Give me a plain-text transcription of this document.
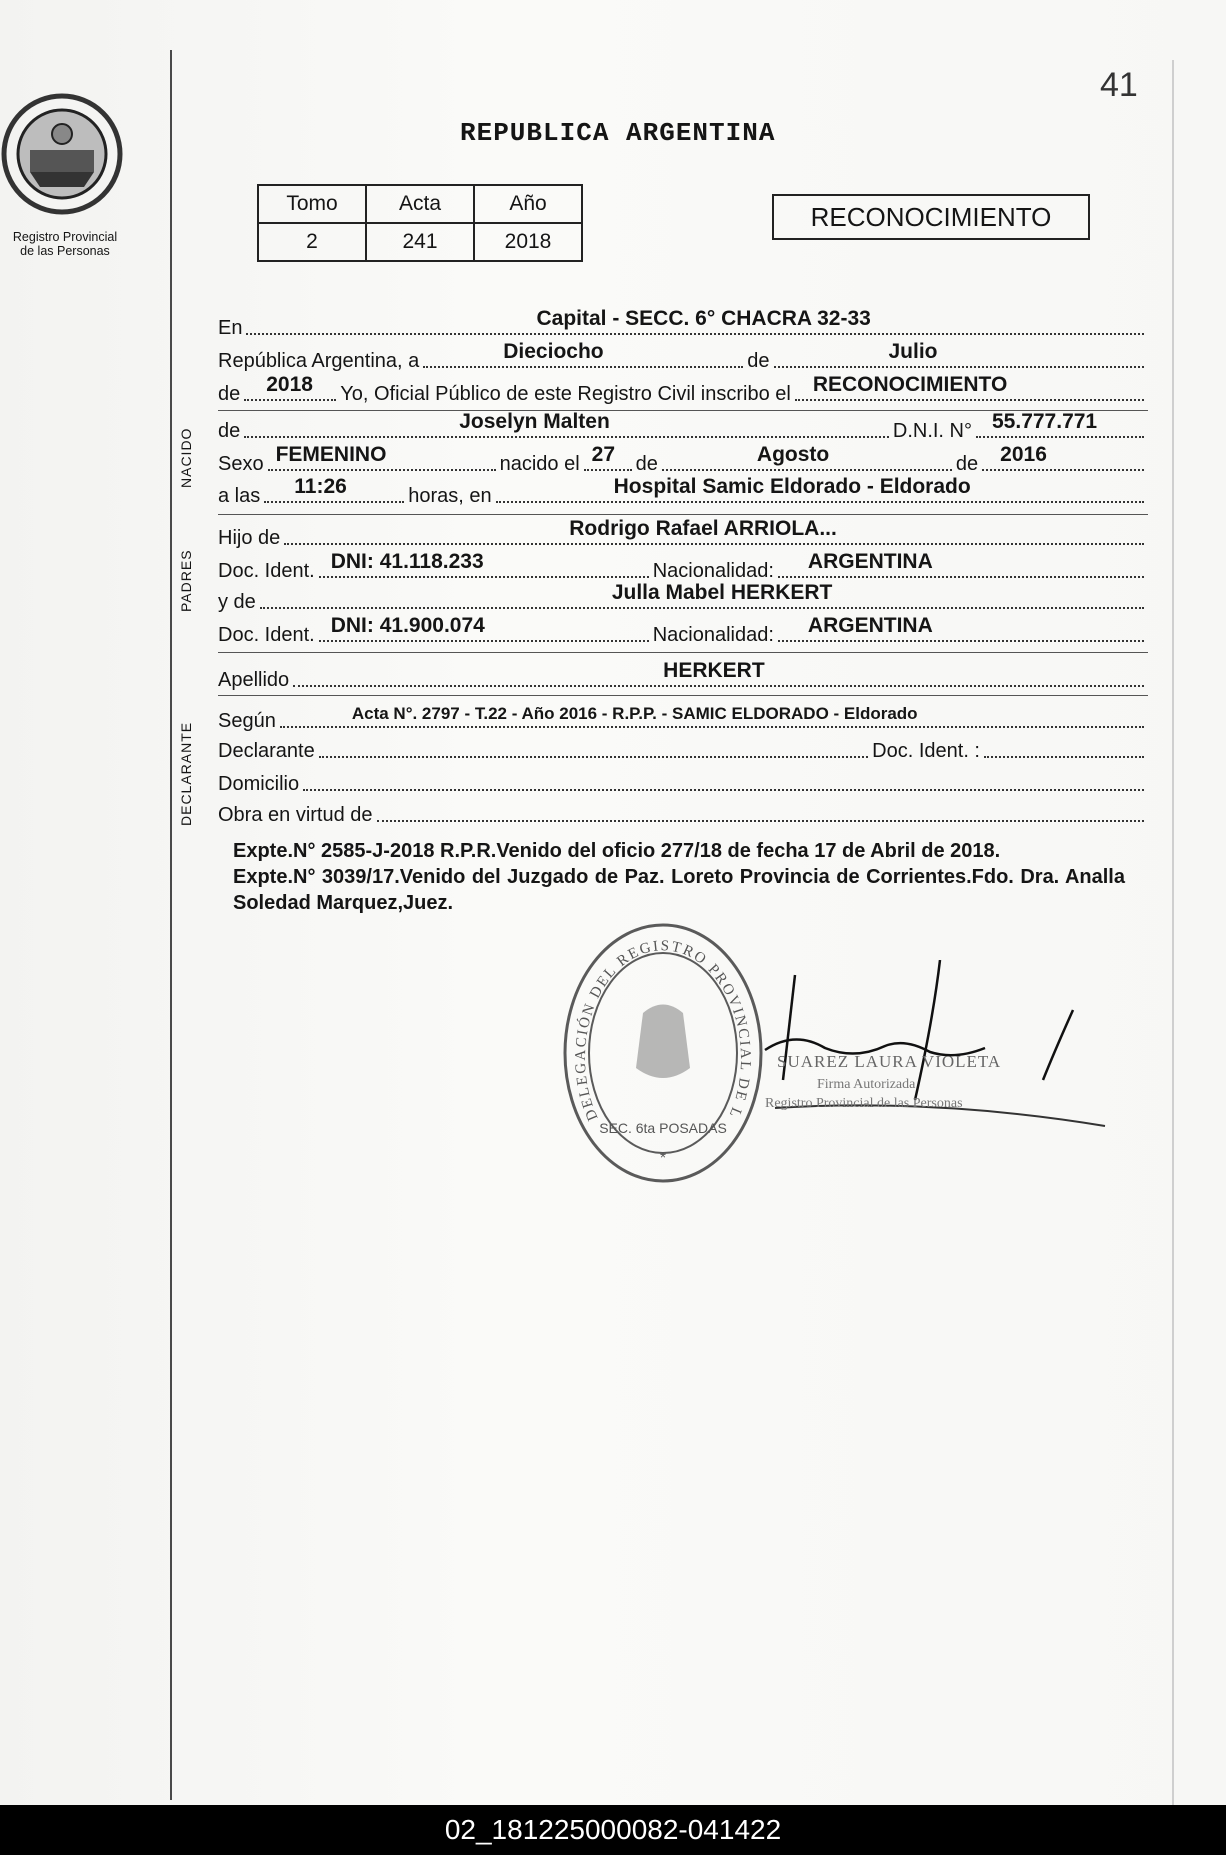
Registro Provincial
de las Personas
41
REPUBLICA ARGENTINA
Tomo	Acta	Año
2	241	2018
RECONOCIMIENTO
NACIDO
PADRES
DECLARANTE
En	Capital - SECC. 6° CHACRA 32-33
República Argentina, a	Dieciocho	de	Julio
de 2018 Yo, Oficial Público de este Registro Civil inscribo el RECONOCIMIENTO
de	Joselyn Malten	D.N.I. N° 55.777.771
Sexo FEMENINO	nacido el 27 de	Agosto	de 2016
a las 11:26	horas, en	Hospital Samic Eldorado - Eldorado
Hijo de	Rodrigo Rafael ARRIOLA...
Doc. Ident. DNI: 41.118.233	Nacionalidad: ARGENTINA
y de	Julla Mabel HERKERT
Doc. Ident. DNI: 41.900.074	Nacionalidad: ARGENTINA
Apellido	HERKERT
Según	Acta N°. 2797 - T.22 - Año 2016 - R.P.P. - SAMIC ELDORADO - Eldorado
Declarante	Doc. Ident. :
Domicilio
Obra en virtud de

Expte.N° 2585-J-2018 R.P.R.Venido del oficio 277/18 de fecha 17 de Abril de 2018.

Expte.N° 3039/17.Venido del Juzgado de Paz. Loreto Provincia de Corrientes.Fdo. Dra. Analla Soledad Marquez,Juez.

DELEGACIÓN DEL REGISTRO PROVINCIAL DE L
SEC. 6ta POSADAS
*
SUAREZ LAURA VIOLETA
Firma Autorizada
Registro Provincial de las Personas
02_181225000082-041422
